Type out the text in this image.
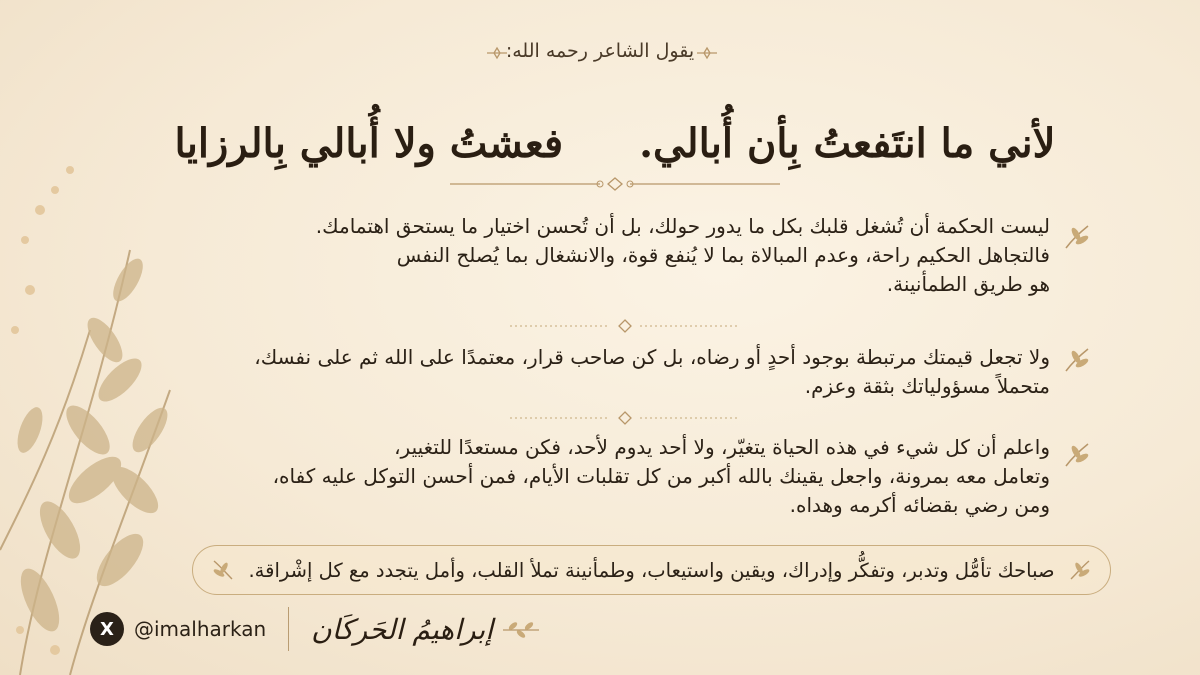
يقول الشاعر رحمه الله:
فعشتُ ولا أُبالي بِالرزايا لأني ما انتَفعتُ بِأن أُبالي.

ليست الحكمة أن تُشغل قلبك بكل ما يدور حولك، بل أن تُحسن اختيار ما يستحق اهتمامك.

فالتجاهل الحكيم راحة، وعدم المبالاة بما لا يُنفع قوة، والانشغال بما يُصلح النفس

هو طريق الطمأنينة.

ولا تجعل قيمتك مرتبطة بوجود أحدٍ أو رضاه، بل كن صاحب قرار، معتمدًا على الله ثم على نفسك،

متحملاً مسؤولياتك بثقة وعزم.

واعلم أن كل شيء في هذه الحياة يتغيّر، ولا أحد يدوم لأحد، فكن مستعدًا للتغيير،

وتعامل معه بمرونة، واجعل يقينك بالله أكبر من كل تقلبات الأيام، فمن أحسن التوكل عليه كفاه،

ومن رضي بقضائه أكرمه وهداه.

صباحك تأمُّل وتدبر، وتفكُّر وإدراك، ويقين واستيعاب، وطمأنينة تملأ القلب، وأمل يتجدد مع كل إشْراقة.
X @imalharkan إبراهيمُ الحَركَان
